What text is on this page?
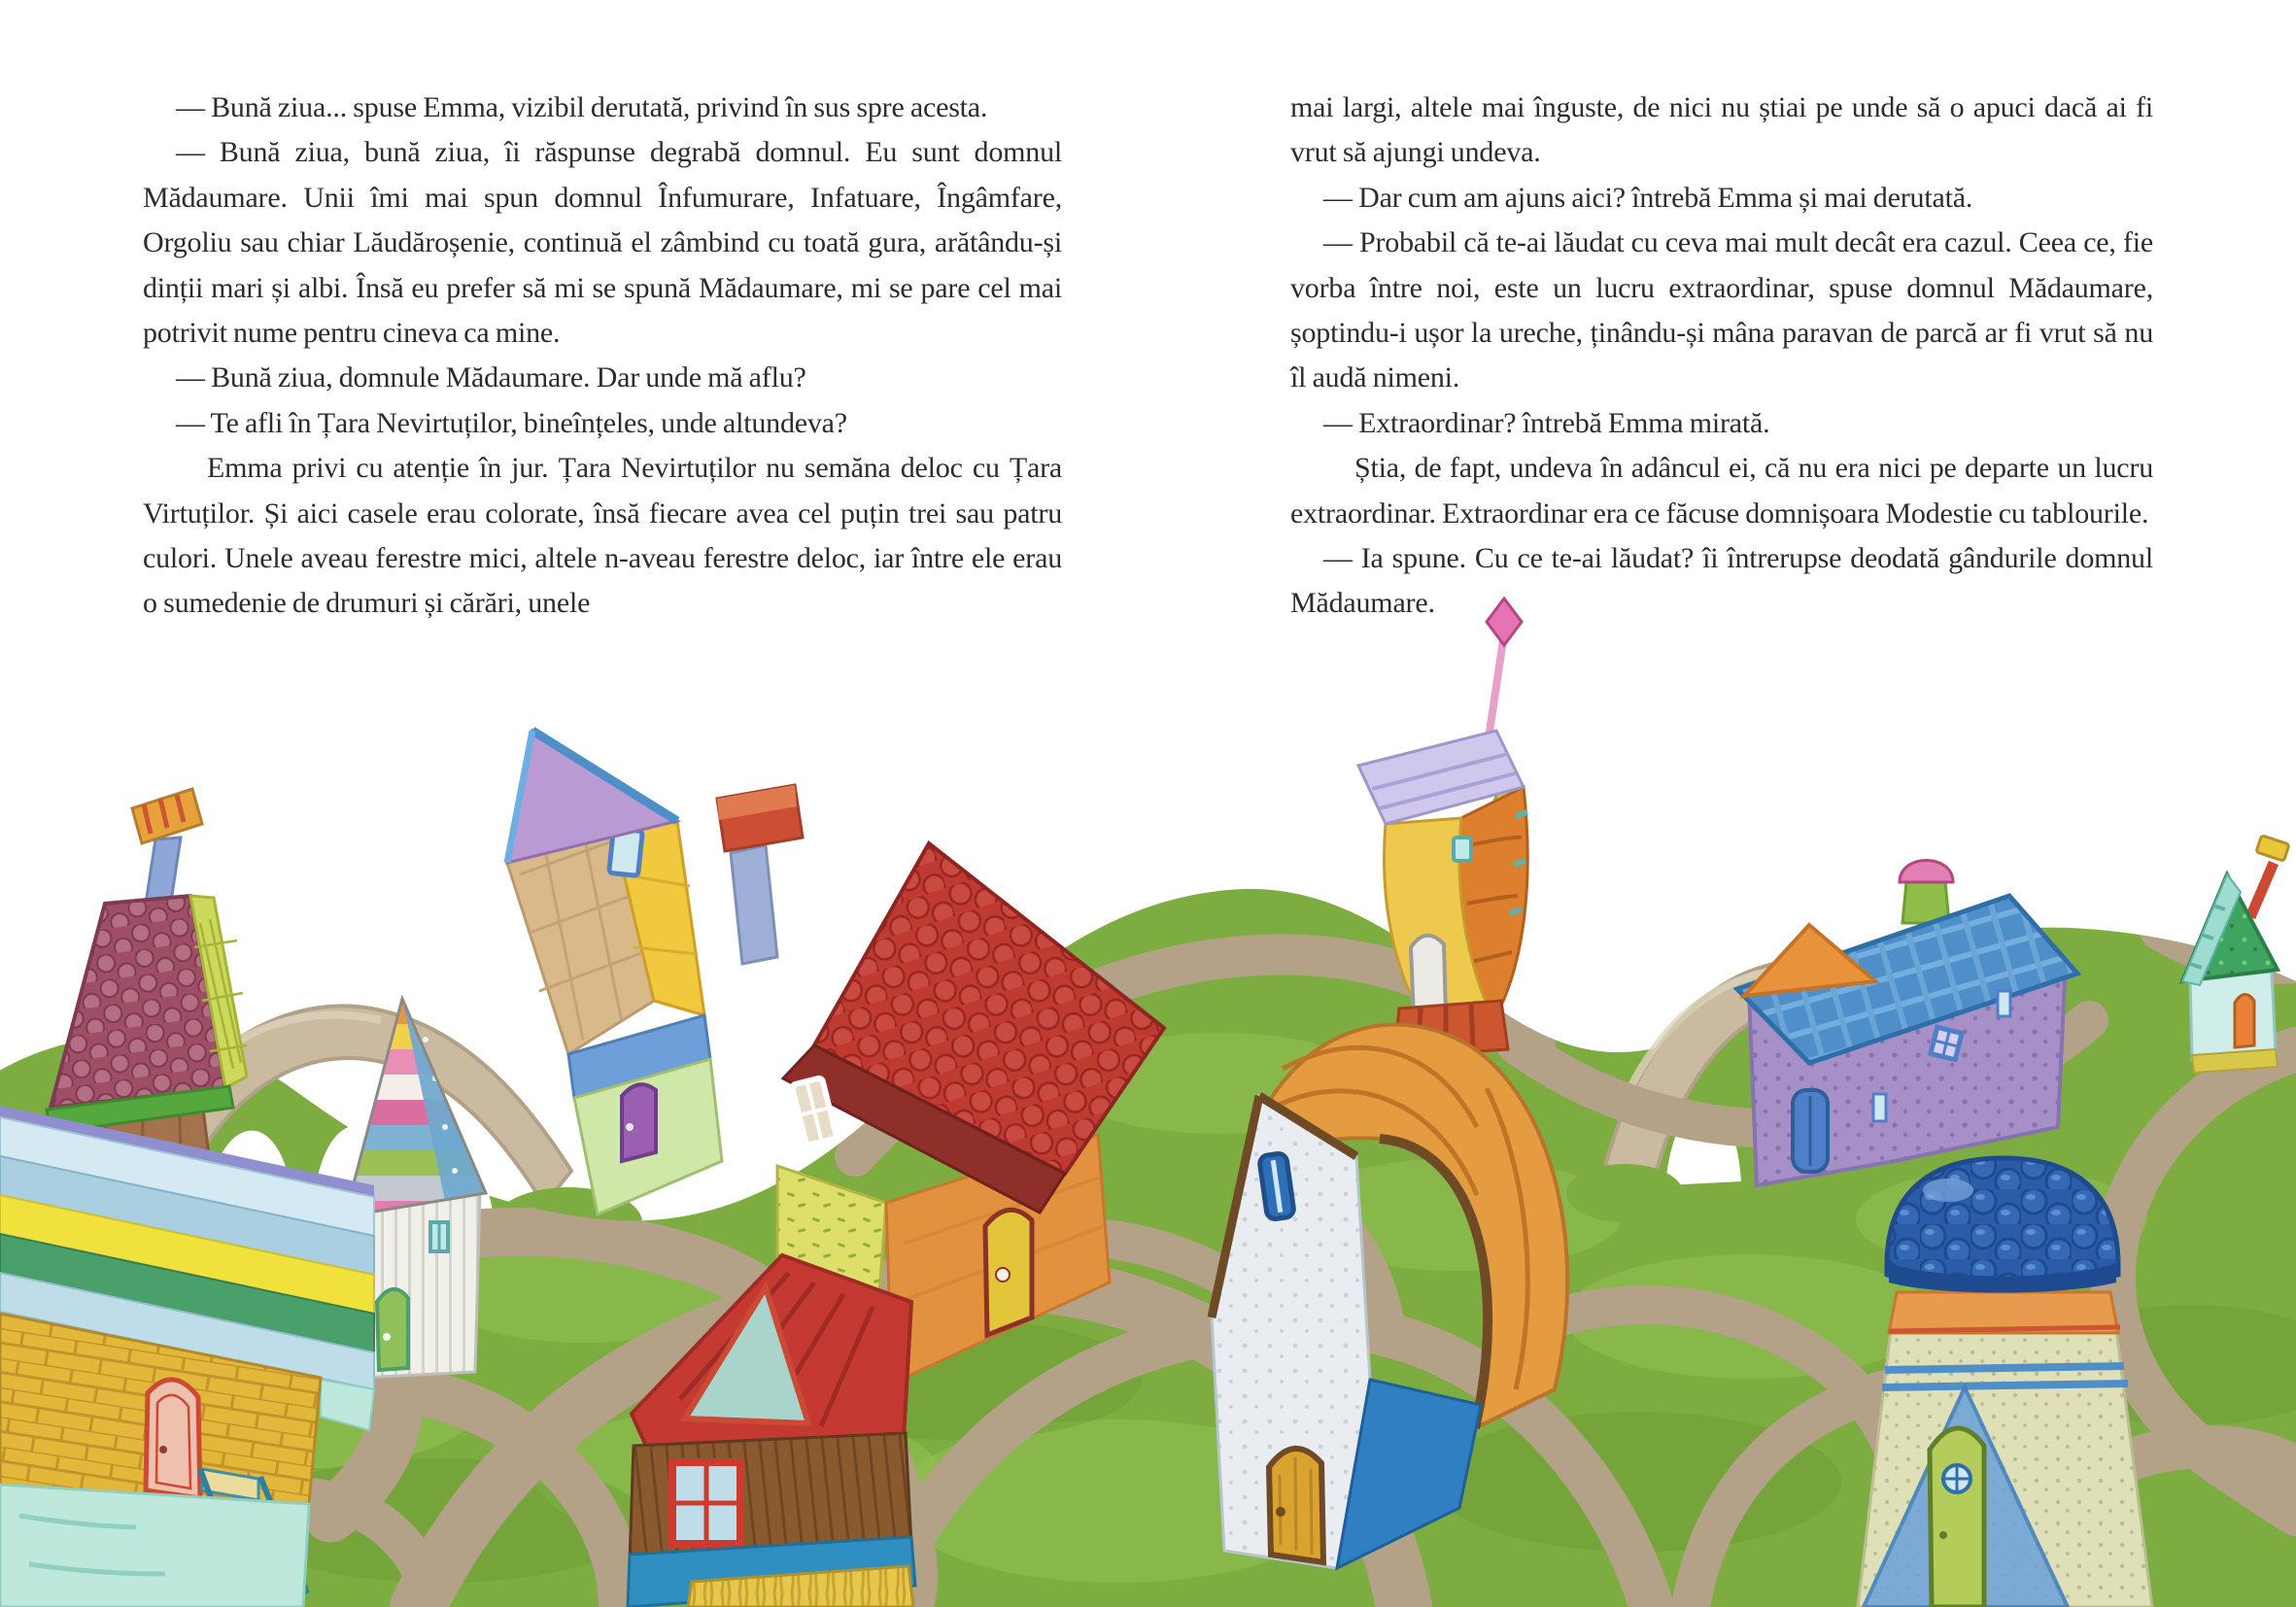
— Bună ziua... spuse Emma, vizibil derutată, privind în sus spre acesta.

— Bună ziua, bună ziua, îi răspunse degrabă domnul. Eu sunt domnul Mădaumare. Unii îmi mai spun domnul Înfumurare, Infatuare, Îngâmfare, Orgoliu sau chiar Lăudăroșenie, continuă el zâmbind cu toată gura, arătându-și dinții mari și albi. Însă eu prefer să mi se spună Mădaumare, mi se pare cel mai potrivit nume pentru cineva ca mine.

— Bună ziua, domnule Mădaumare. Dar unde mă aflu?

— Te afli în Țara Nevirtuților, bineînțeles, unde altundeva?

Emma privi cu atenție în jur. Țara Nevirtuților nu semăna deloc cu Țara Virtuților. Și aici casele erau colorate, însă fiecare avea cel puțin trei sau patru culori. Unele aveau ferestre mici, altele n-aveau ferestre deloc, iar între ele erau o sumedenie de drumuri și cărări, unele

mai largi, altele mai înguste, de nici nu știai pe unde să o apuci dacă ai fi vrut să ajungi undeva.

— Dar cum am ajuns aici? întrebă Emma și mai derutată.

— Probabil că te-ai lăudat cu ceva mai mult decât era cazul. Ceea ce, fie vorba între noi, este un lucru extraordinar, spuse domnul Mădaumare, șoptindu-i ușor la ureche, ținându-și mâna paravan de parcă ar fi vrut să nu îl audă nimeni.

— Extraordinar? întrebă Emma mirată.

Știa, de fapt, undeva în adâncul ei, că nu era nici pe departe un lucru extraordinar. Extraordinar era ce făcuse domnișoara Modestie cu tablourile.

— Ia spune. Cu ce te-ai lăudat? îi întrerupse deodată gândurile domnul Mădaumare.
